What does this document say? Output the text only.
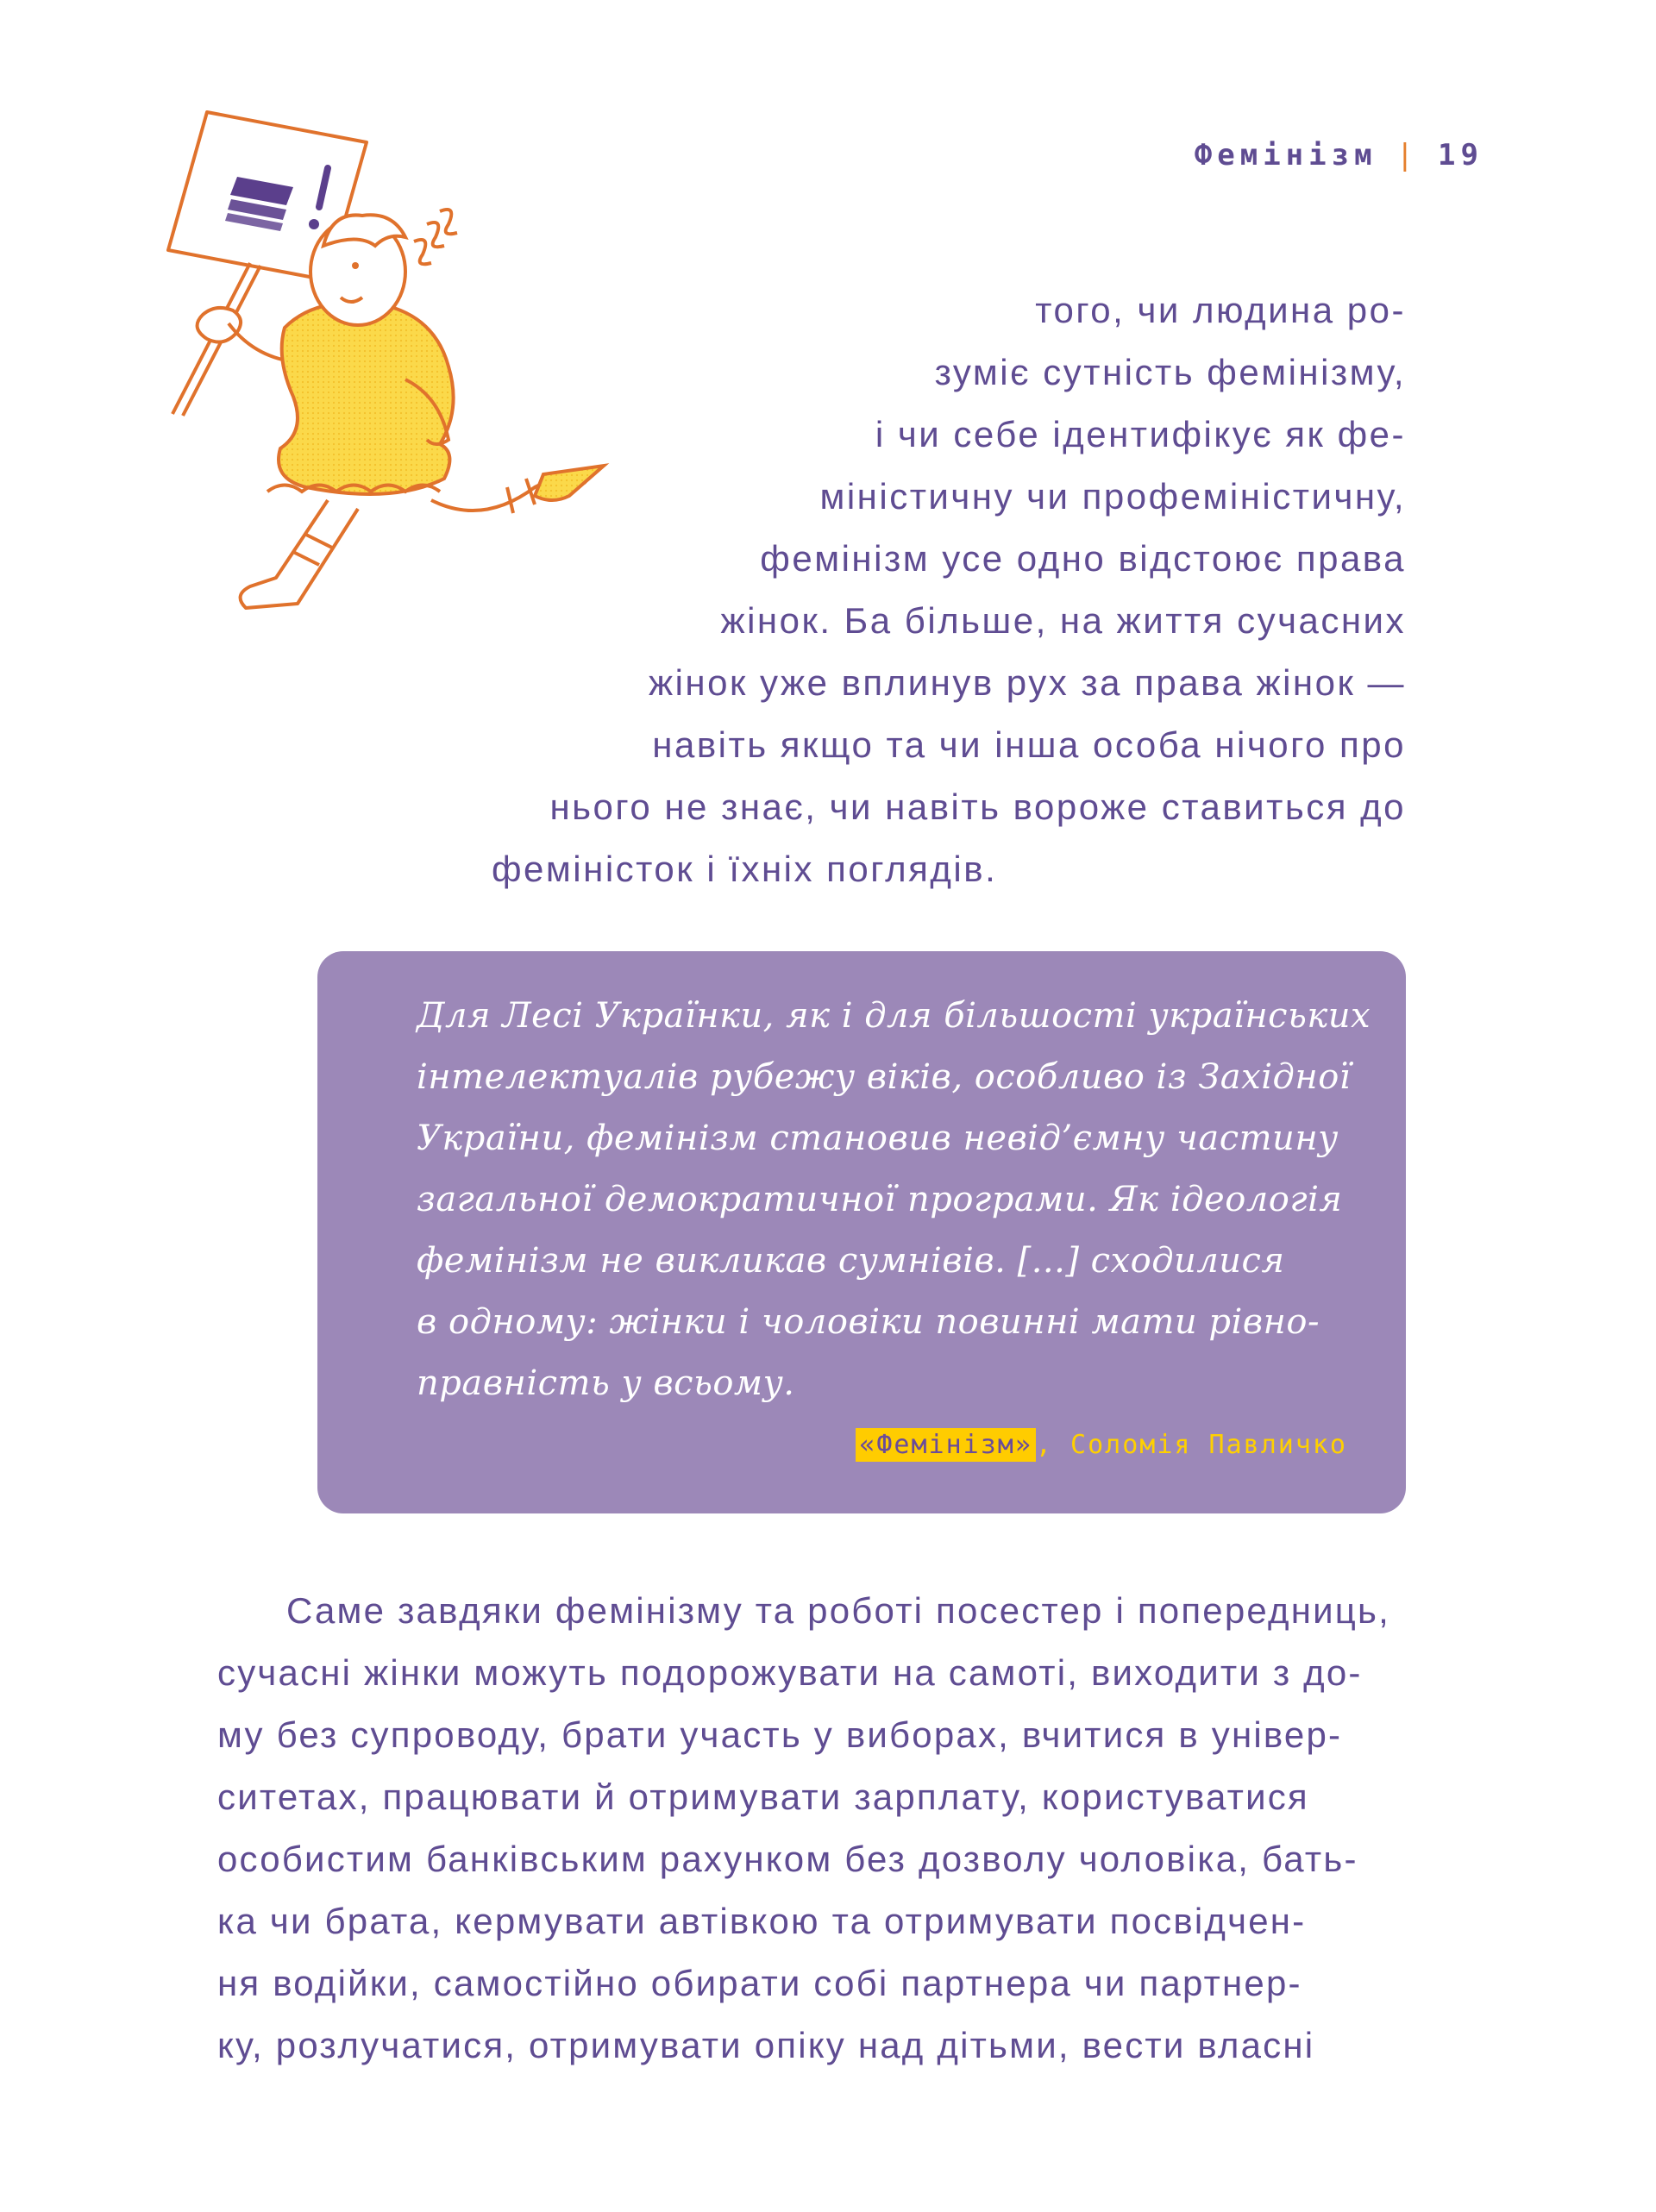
Фемінізм | 19

того, чи людина ро-

зуміє сутність фемінізму,

і чи себе ідентифікує як фе-

міністичну чи профеміністичну,

фемінізм усе одно відстоює права

жінок. Ба більше, на життя сучасних

жінок уже вплинув рух за права жінок —

навіть якщо та чи інша особа нічого про

нього не знає, чи навіть вороже ставиться до

феміністок і їхніх поглядів.

Для Лесі Українки, як і для більшості українських
інтелектуалів рубежу віків, особливо із Західної
України, фемінізм становив невід’ємну частину
загальної демократичної програми. Як ідеологія
фемінізм не викликав сумнівів. [...] сходилися
в одному: жінки і чоловіки повинні мати рівно-
правність у всьому.
«Фемінізм» , Соломія Павличко
Саме завдяки фемінізму та роботі посестер і попередниць,
сучасні жінки можуть подорожувати на самоті, виходити з до-
му без супроводу, брати участь у виборах, вчитися в універ-
ситетах, працювати й отримувати зарплату, користуватися
особистим банківським рахунком без дозволу чоловіка, бать-
ка чи брата, кермувати автівкою та отримувати посвідчен-
ня водійки, самостійно обирати собі партнера чи партнер-
ку, розлучатися, отримувати опіку над дітьми, вести власні
